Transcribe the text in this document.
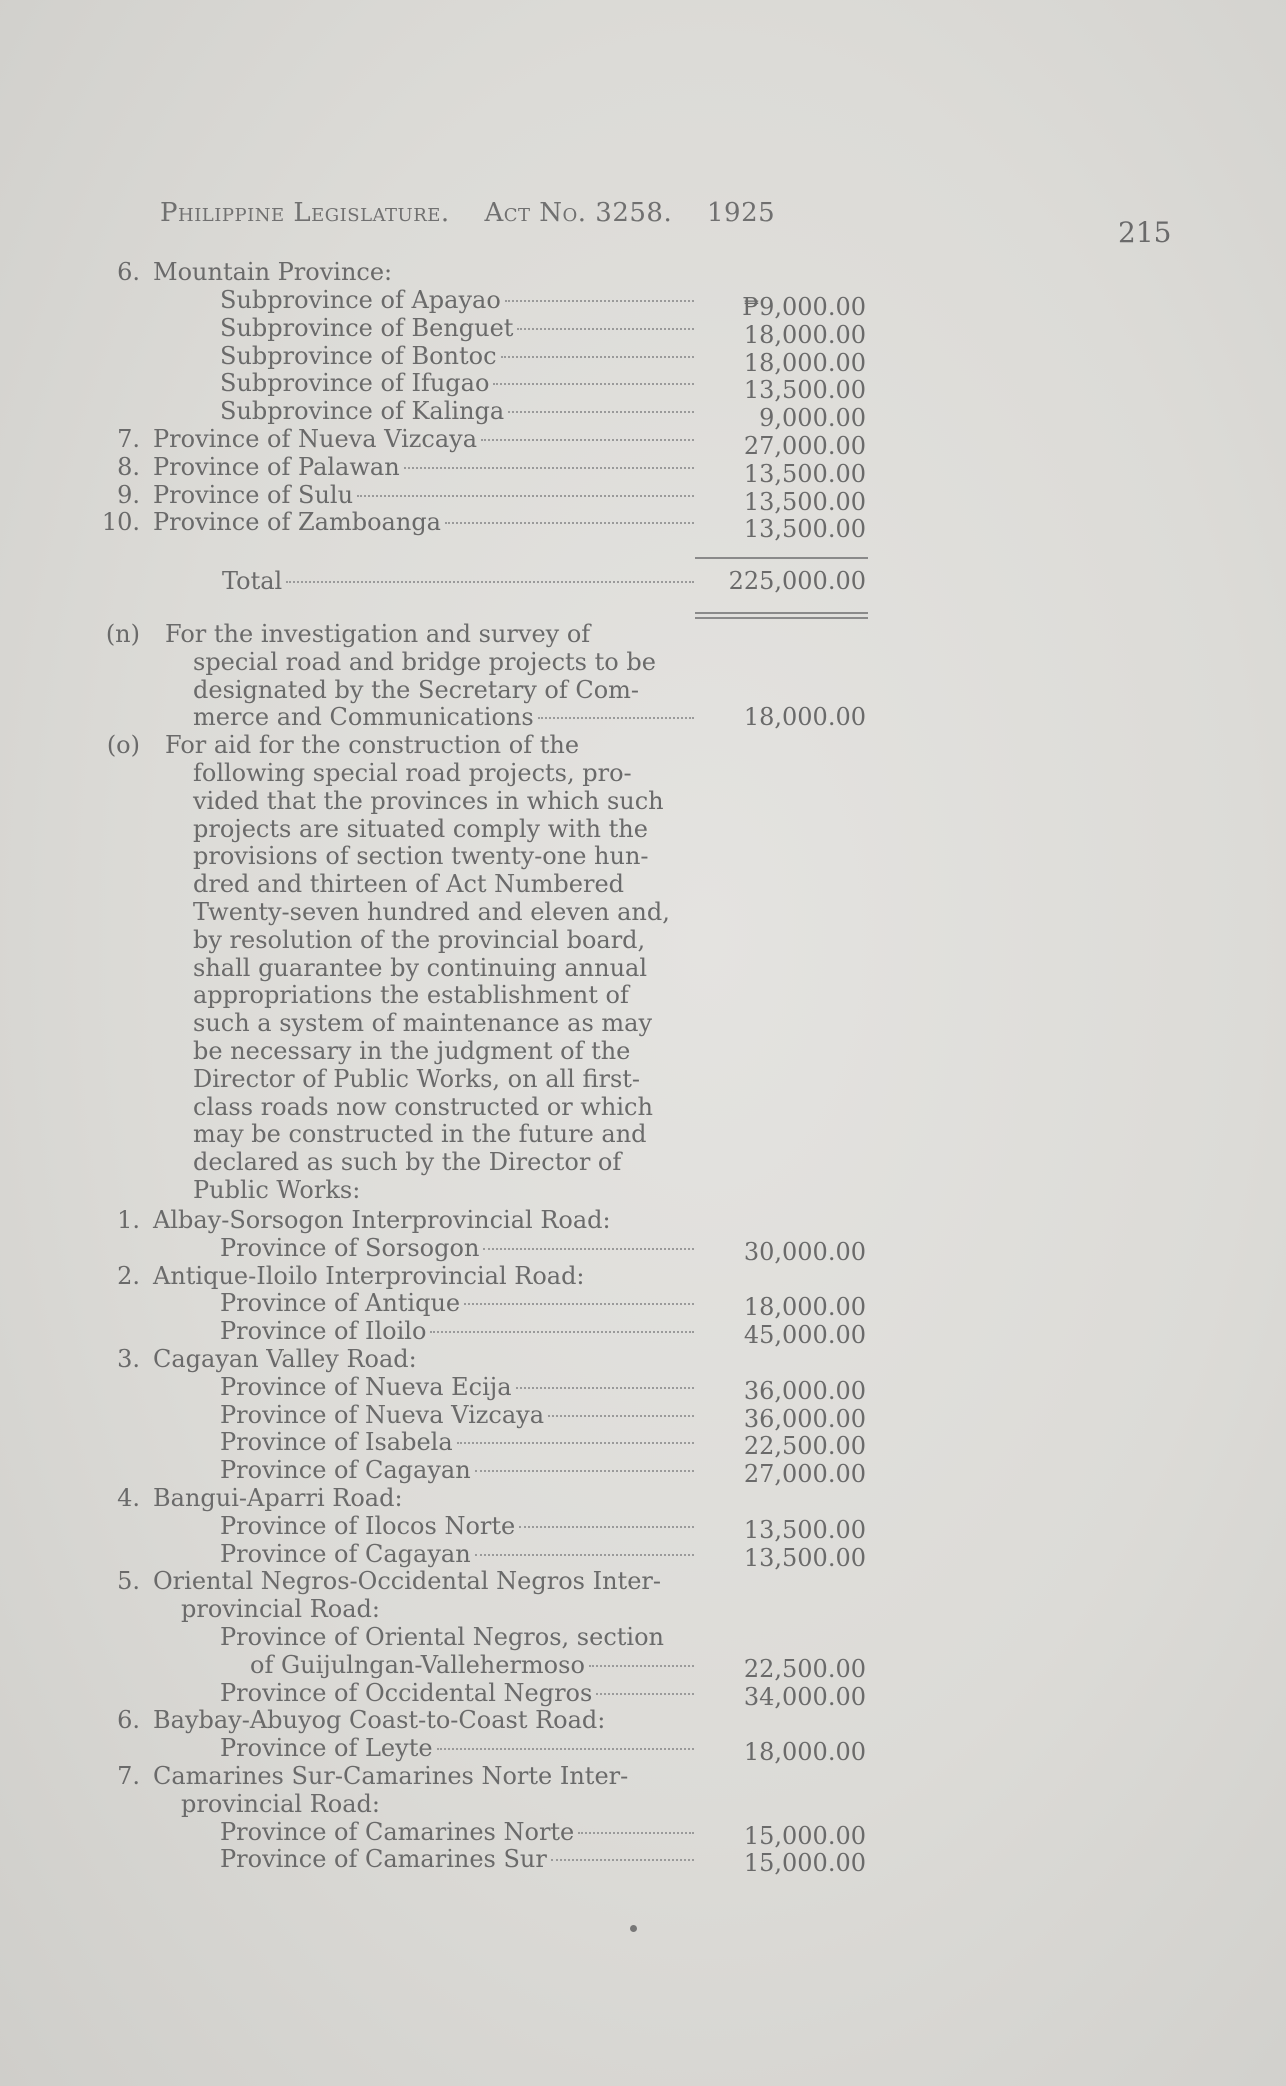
Philippine Legislature. Act No. 3258. 1925
215
6. Mountain Province:
Subprovince of Apayao	₱9,000.00
Subprovince of Benguet	18,000.00
Subprovince of Bontoc	18,000.00
Subprovince of Ifugao	13,500.00
Subprovince of Kalinga	9,000.00
7. Province of Nueva Vizcaya	27,000.00
8. Province of Palawan	13,500.00
9. Province of Sulu	13,500.00
10. Province of Zamboanga	13,500.00
Total	225,000.00
(n) For the investigation and survey of
special road and bridge projects to be
designated by the Secretary of Com-
merce and Communications	18,000.00
(o) For aid for the construction of the
following special road projects, pro-
vided that the provinces in which such
projects are situated comply with the
provisions of section twenty-one hun-
dred and thirteen of Act Numbered
Twenty-seven hundred and eleven and,
by resolution of the provincial board,
shall guarantee by continuing annual
appropriations the establishment of
such a system of maintenance as may
be necessary in the judgment of the
Director of Public Works, on all first-
class roads now constructed or which
may be constructed in the future and
declared as such by the Director of
Public Works:
1. Albay-Sorsogon Interprovincial Road:
Province of Sorsogon	30,000.00
2. Antique-Iloilo Interprovincial Road:
Province of Antique	18,000.00
Province of Iloilo	45,000.00
3. Cagayan Valley Road:
Province of Nueva Ecija	36,000.00
Province of Nueva Vizcaya	36,000.00
Province of Isabela	22,500.00
Province of Cagayan	27,000.00
4. Bangui-Aparri Road:
Province of Ilocos Norte	13,500.00
Province of Cagayan	13,500.00
5. Oriental Negros-Occidental Negros Inter-
provincial Road:
Province of Oriental Negros, section
of Guijulngan-Vallehermoso	22,500.00
Province of Occidental Negros	34,000.00
6. Baybay-Abuyog Coast-to-Coast Road:
Province of Leyte	18,000.00
7. Camarines Sur-Camarines Norte Inter-
provincial Road:
Province of Camarines Norte	15,000.00
Province of Camarines Sur	15,000.00
